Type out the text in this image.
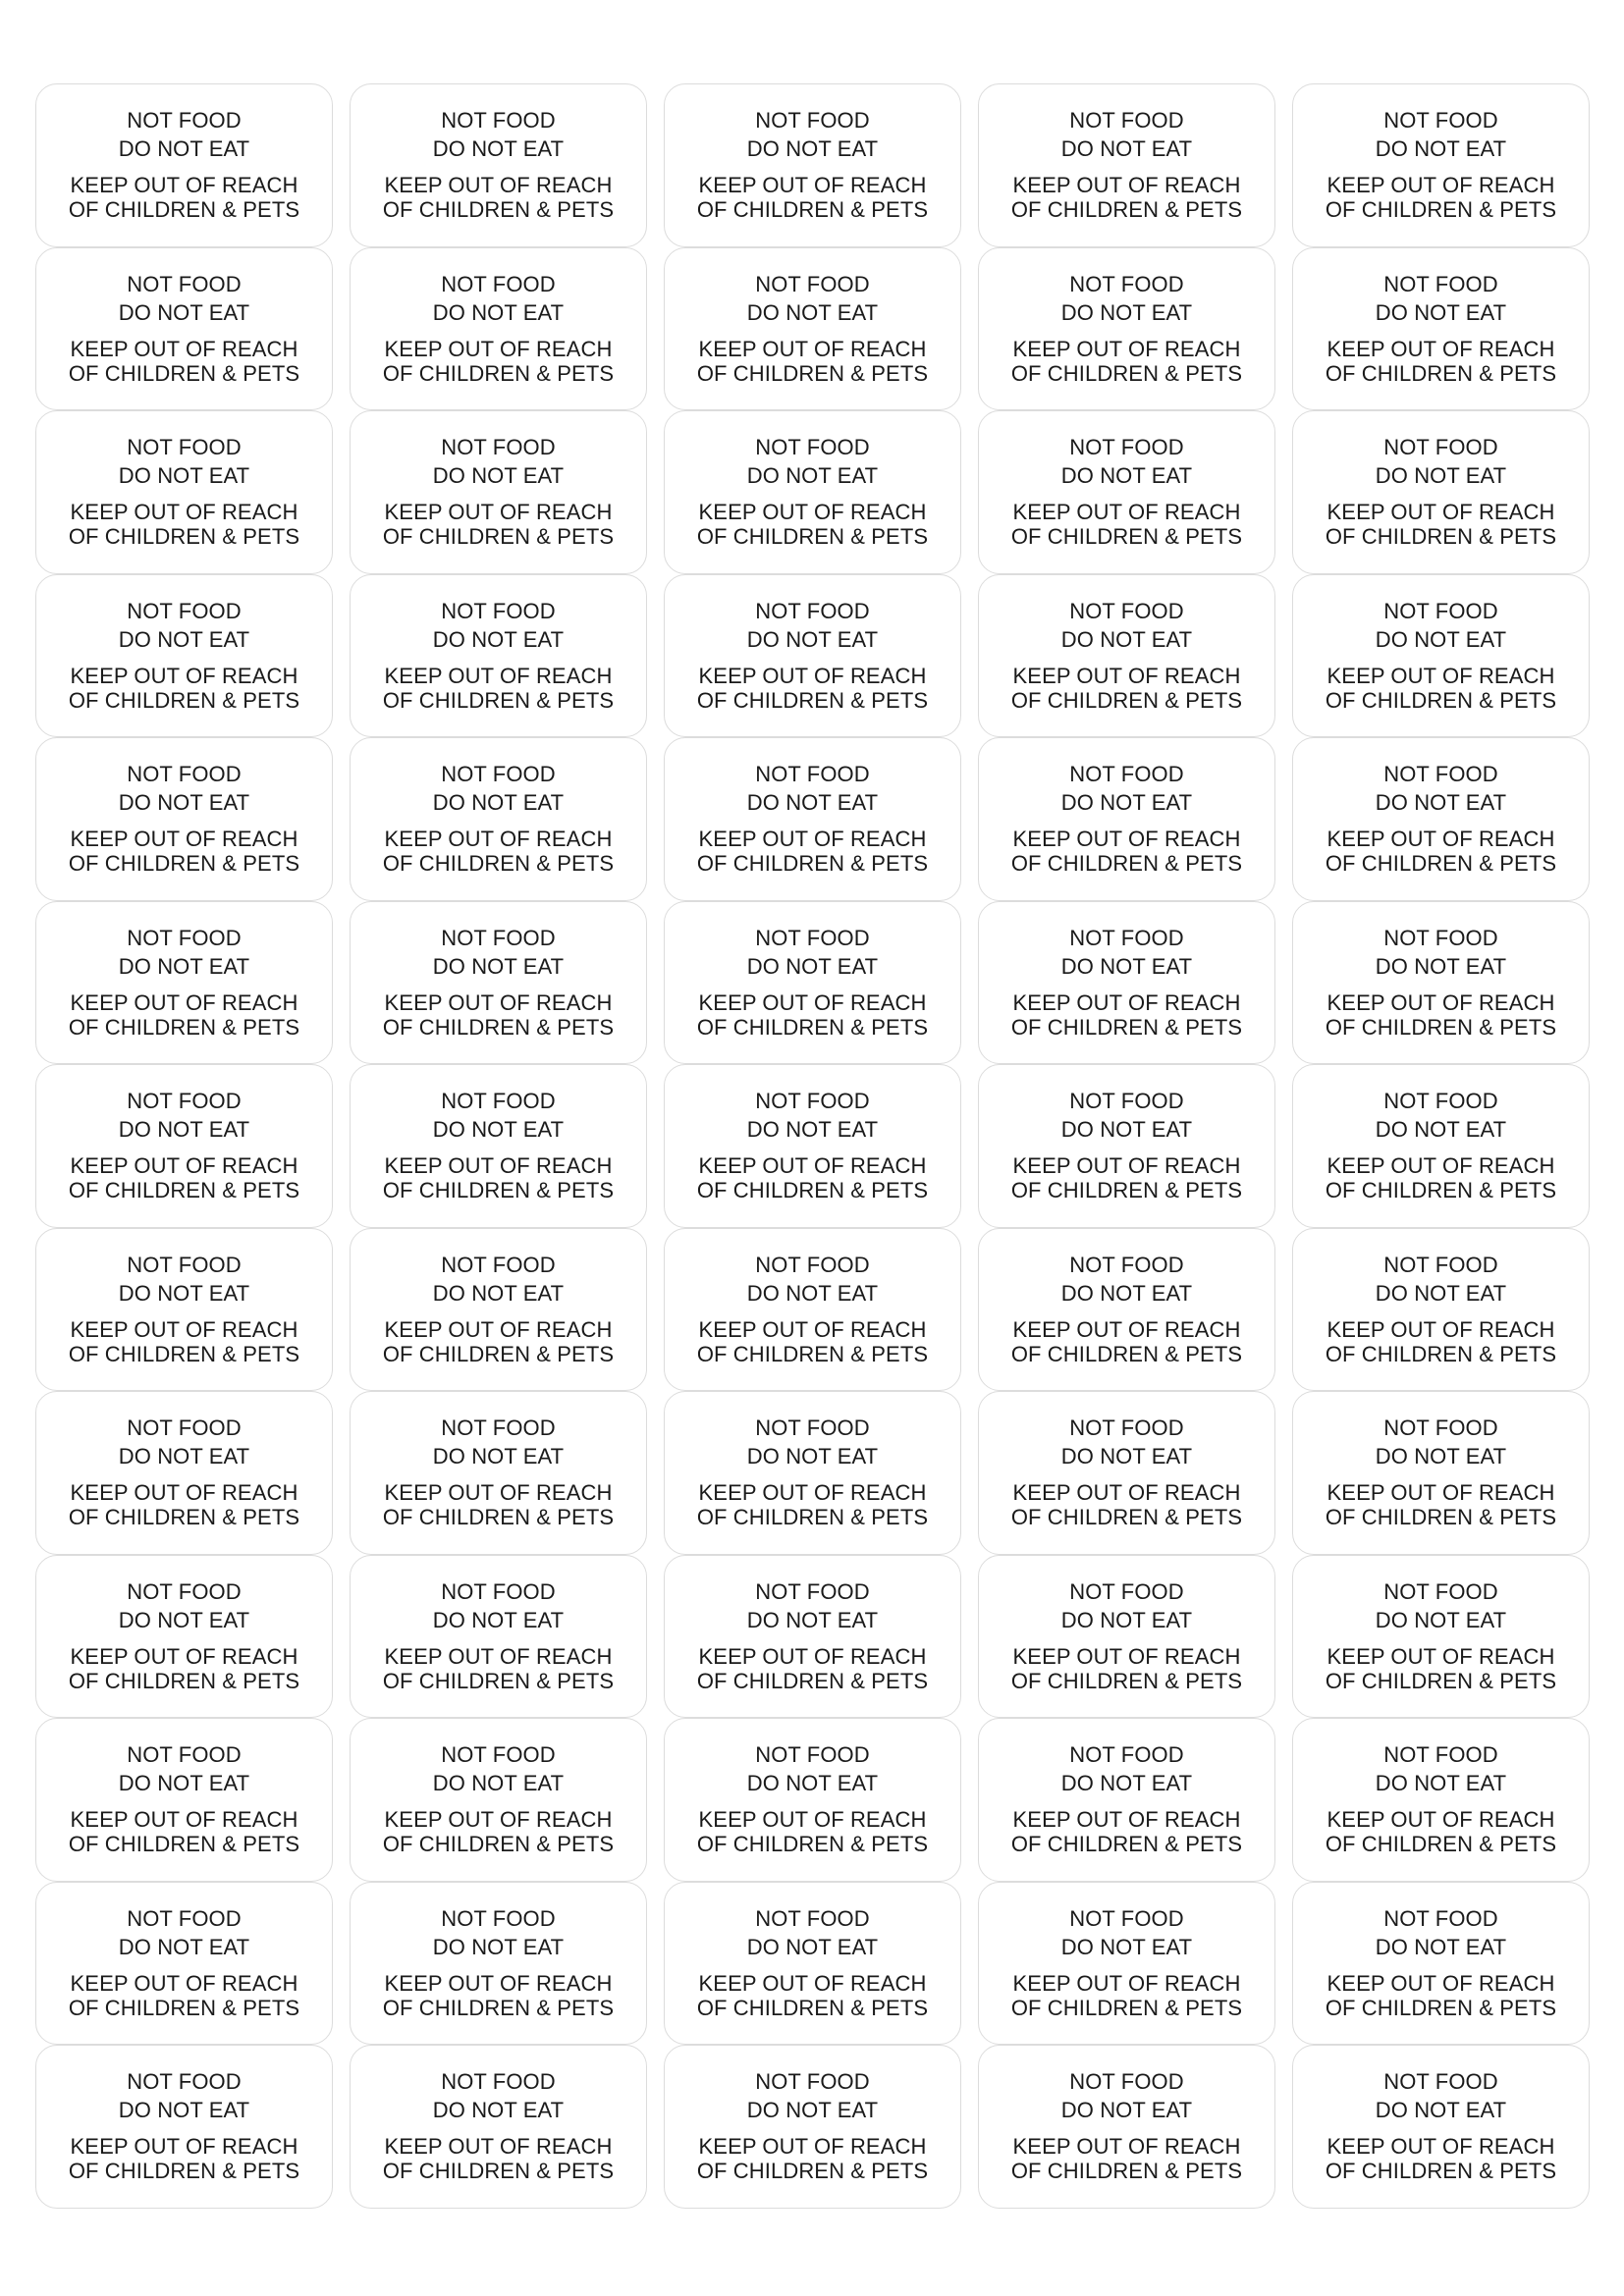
NOT FOOD
DO NOT EAT
KEEP OUT OF REACH
OF CHILDREN & PETS
NOT FOOD
DO NOT EAT
KEEP OUT OF REACH
OF CHILDREN & PETS
NOT FOOD
DO NOT EAT
KEEP OUT OF REACH
OF CHILDREN & PETS
NOT FOOD
DO NOT EAT
KEEP OUT OF REACH
OF CHILDREN & PETS
NOT FOOD
DO NOT EAT
KEEP OUT OF REACH
OF CHILDREN & PETS
NOT FOOD
DO NOT EAT
KEEP OUT OF REACH
OF CHILDREN & PETS
NOT FOOD
DO NOT EAT
KEEP OUT OF REACH
OF CHILDREN & PETS
NOT FOOD
DO NOT EAT
KEEP OUT OF REACH
OF CHILDREN & PETS
NOT FOOD
DO NOT EAT
KEEP OUT OF REACH
OF CHILDREN & PETS
NOT FOOD
DO NOT EAT
KEEP OUT OF REACH
OF CHILDREN & PETS
NOT FOOD
DO NOT EAT
KEEP OUT OF REACH
OF CHILDREN & PETS
NOT FOOD
DO NOT EAT
KEEP OUT OF REACH
OF CHILDREN & PETS
NOT FOOD
DO NOT EAT
KEEP OUT OF REACH
OF CHILDREN & PETS
NOT FOOD
DO NOT EAT
KEEP OUT OF REACH
OF CHILDREN & PETS
NOT FOOD
DO NOT EAT
KEEP OUT OF REACH
OF CHILDREN & PETS
NOT FOOD
DO NOT EAT
KEEP OUT OF REACH
OF CHILDREN & PETS
NOT FOOD
DO NOT EAT
KEEP OUT OF REACH
OF CHILDREN & PETS
NOT FOOD
DO NOT EAT
KEEP OUT OF REACH
OF CHILDREN & PETS
NOT FOOD
DO NOT EAT
KEEP OUT OF REACH
OF CHILDREN & PETS
NOT FOOD
DO NOT EAT
KEEP OUT OF REACH
OF CHILDREN & PETS
NOT FOOD
DO NOT EAT
KEEP OUT OF REACH
OF CHILDREN & PETS
NOT FOOD
DO NOT EAT
KEEP OUT OF REACH
OF CHILDREN & PETS
NOT FOOD
DO NOT EAT
KEEP OUT OF REACH
OF CHILDREN & PETS
NOT FOOD
DO NOT EAT
KEEP OUT OF REACH
OF CHILDREN & PETS
NOT FOOD
DO NOT EAT
KEEP OUT OF REACH
OF CHILDREN & PETS
NOT FOOD
DO NOT EAT
KEEP OUT OF REACH
OF CHILDREN & PETS
NOT FOOD
DO NOT EAT
KEEP OUT OF REACH
OF CHILDREN & PETS
NOT FOOD
DO NOT EAT
KEEP OUT OF REACH
OF CHILDREN & PETS
NOT FOOD
DO NOT EAT
KEEP OUT OF REACH
OF CHILDREN & PETS
NOT FOOD
DO NOT EAT
KEEP OUT OF REACH
OF CHILDREN & PETS
NOT FOOD
DO NOT EAT
KEEP OUT OF REACH
OF CHILDREN & PETS
NOT FOOD
DO NOT EAT
KEEP OUT OF REACH
OF CHILDREN & PETS
NOT FOOD
DO NOT EAT
KEEP OUT OF REACH
OF CHILDREN & PETS
NOT FOOD
DO NOT EAT
KEEP OUT OF REACH
OF CHILDREN & PETS
NOT FOOD
DO NOT EAT
KEEP OUT OF REACH
OF CHILDREN & PETS
NOT FOOD
DO NOT EAT
KEEP OUT OF REACH
OF CHILDREN & PETS
NOT FOOD
DO NOT EAT
KEEP OUT OF REACH
OF CHILDREN & PETS
NOT FOOD
DO NOT EAT
KEEP OUT OF REACH
OF CHILDREN & PETS
NOT FOOD
DO NOT EAT
KEEP OUT OF REACH
OF CHILDREN & PETS
NOT FOOD
DO NOT EAT
KEEP OUT OF REACH
OF CHILDREN & PETS
NOT FOOD
DO NOT EAT
KEEP OUT OF REACH
OF CHILDREN & PETS
NOT FOOD
DO NOT EAT
KEEP OUT OF REACH
OF CHILDREN & PETS
NOT FOOD
DO NOT EAT
KEEP OUT OF REACH
OF CHILDREN & PETS
NOT FOOD
DO NOT EAT
KEEP OUT OF REACH
OF CHILDREN & PETS
NOT FOOD
DO NOT EAT
KEEP OUT OF REACH
OF CHILDREN & PETS
NOT FOOD
DO NOT EAT
KEEP OUT OF REACH
OF CHILDREN & PETS
NOT FOOD
DO NOT EAT
KEEP OUT OF REACH
OF CHILDREN & PETS
NOT FOOD
DO NOT EAT
KEEP OUT OF REACH
OF CHILDREN & PETS
NOT FOOD
DO NOT EAT
KEEP OUT OF REACH
OF CHILDREN & PETS
NOT FOOD
DO NOT EAT
KEEP OUT OF REACH
OF CHILDREN & PETS
NOT FOOD
DO NOT EAT
KEEP OUT OF REACH
OF CHILDREN & PETS
NOT FOOD
DO NOT EAT
KEEP OUT OF REACH
OF CHILDREN & PETS
NOT FOOD
DO NOT EAT
KEEP OUT OF REACH
OF CHILDREN & PETS
NOT FOOD
DO NOT EAT
KEEP OUT OF REACH
OF CHILDREN & PETS
NOT FOOD
DO NOT EAT
KEEP OUT OF REACH
OF CHILDREN & PETS
NOT FOOD
DO NOT EAT
KEEP OUT OF REACH
OF CHILDREN & PETS
NOT FOOD
DO NOT EAT
KEEP OUT OF REACH
OF CHILDREN & PETS
NOT FOOD
DO NOT EAT
KEEP OUT OF REACH
OF CHILDREN & PETS
NOT FOOD
DO NOT EAT
KEEP OUT OF REACH
OF CHILDREN & PETS
NOT FOOD
DO NOT EAT
KEEP OUT OF REACH
OF CHILDREN & PETS
NOT FOOD
DO NOT EAT
KEEP OUT OF REACH
OF CHILDREN & PETS
NOT FOOD
DO NOT EAT
KEEP OUT OF REACH
OF CHILDREN & PETS
NOT FOOD
DO NOT EAT
KEEP OUT OF REACH
OF CHILDREN & PETS
NOT FOOD
DO NOT EAT
KEEP OUT OF REACH
OF CHILDREN & PETS
NOT FOOD
DO NOT EAT
KEEP OUT OF REACH
OF CHILDREN & PETS
